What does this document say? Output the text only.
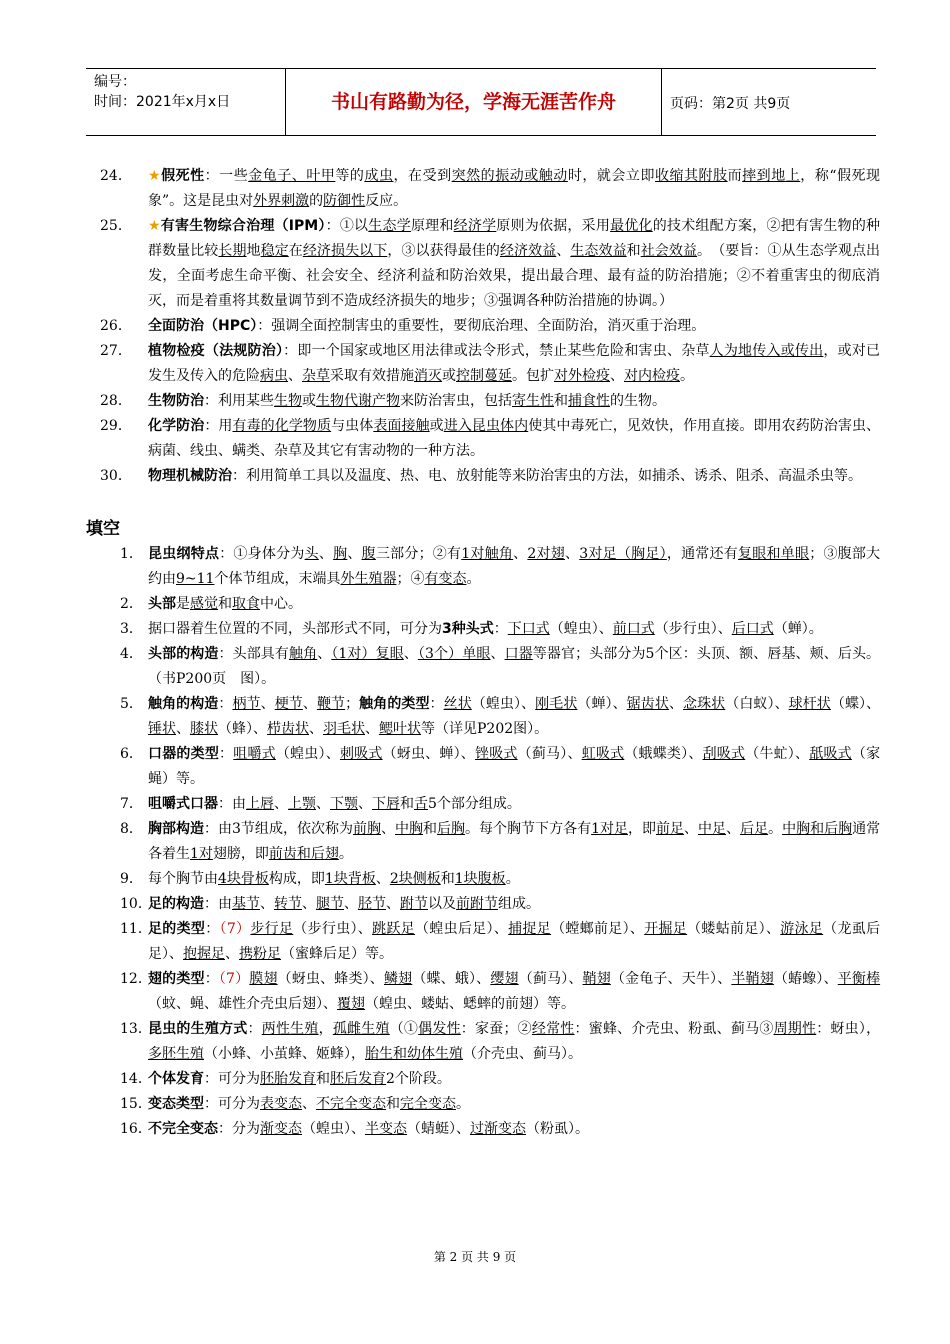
编号：
时间：2021年x月x日	书山有路勤为径，学海无涯苦作舟	页码：第2页 共9页
24．	★假死性：一些金龟子、叶甲等的成虫，在受到突然的振动或触动时，就会立即收缩其附肢而摔到地上，称“假死现象”。这是昆虫对外界刺激的防御性反应。
25．	★有害生物综合治理（IPM）：①以生态学原理和经济学原则为依据，采用最优化的技术组配方案，②把有害生物的种群数量比较长期地稳定在经济损失以下，③以获得最佳的经济效益、生态效益和社会效益。　（要旨：①从生态学观点出发，全面考虑生命平衡、社会安全、经济利益和防治效果，提出最合理、最有益的防治措施；②不着重害虫的彻底消灭，而是着重将其数量调节到不造成经济损失的地步；③强调各种防治措施的协调。）
26．	全面防治（HPC）：强调全面控制害虫的重要性，要彻底治理、全面防治，消灭重于治理。
27．	植物检疫（法规防治）：即一个国家或地区用法律或法令形式，禁止某些危险和害虫、杂草人为地传入或传出，或对已发生及传入的危险病虫、杂草采取有效措施消灭或控制蔓延。包扩对外检疫、对内检疫。
28．	生物防治：利用某些生物或生物代谢产物来防治害虫，包括寄生性和捕食性的生物。
29．	化学防治：用有毒的化学物质与虫体表面接触或进入昆虫体内使其中毒死亡，见效快，作用直接。即用农药防治害虫、病菌、线虫、螨类、杂草及其它有害动物的一种方法。
30．	物理机械防治：利用简单工具以及温度、热、电、放射能等来防治害虫的方法，如捕杀、诱杀、阻杀、高温杀虫等。
填空
1． 昆虫纲特点：①身体分为头、胸、腹三部分；②有1对触角、2对翅、3对足（胸足），通常还有复眼和单眼；③腹部大约由9~11个体节组成，末端具外生殖器；④有变态。
2． 头部是感觉和取食中心。
3． 据口器着生位置的不同，头部形式不同，可分为3种头式：下口式（蝗虫）、前口式（步行虫）、后口式（蝉）。
4． 头部的构造：头部具有触角、（1对）复眼、（3个）单眼、口器等器官；头部分为5个区：头顶、额、唇基、颊、后头。（书P200页　图）。
5． 触角的构造：柄节、梗节、鞭节；触角的类型：丝状（蝗虫）、刚毛状（蝉）、锯齿状、念珠状（白蚁）、球杆状（蝶）、锤状、膝状（蜂）、栉齿状、羽毛状、鳃叶状等（详见P202图）。
6． 口器的类型：咀嚼式（蝗虫）、刺吸式（蚜虫、蝉）、锉吸式（蓟马）、虹吸式（蛾蝶类）、刮吸式（牛虻）、舐吸式（家蝇）等。
7． 咀嚼式口器：由上唇、上颚、下颚、下唇和舌5个部分组成。
8． 胸部构造：由3节组成，依次称为前胸、中胸和后胸。每个胸节下方各有1对足，即前足、中足、后足。中胸和后胸通常各着生1对翅膀，即前齿和后翅。
9． 每个胸节由4块骨板构成，即1块背板、2块侧板和1块腹板。
10．
足的构造：由基节、转节、腿节、胫节、跗节以及前跗节组成。
11．
足的类型：（7）步行足（步行虫）、跳跃足（蝗虫后足）、捕捉足（螳螂前足）、开掘足（蝼蛄前足）、游泳足（龙虱后足）、抱握足、携粉足（蜜蜂后足）等。
12．
翅的类型：（7）膜翅（蚜虫、蜂类）、鳞翅（蝶、蛾）、缨翅（蓟马）、鞘翅（金龟子、天牛）、半鞘翅（蝽蟓）、平衡棒（蚊、蝇、雄性介壳虫后翅）、覆翅（蝗虫、蝼蛄、蟋蟀的前翅）等。
13．
昆虫的生殖方式：两性生殖，孤雌生殖（①偶发性：家蚕；②经常性：蜜蜂、介壳虫、粉虱、蓟马③周期性：蚜虫），多胚生殖（小蜂、小茧蜂、姬蜂），胎生和幼体生殖（介壳虫、蓟马）。
14．
个体发育：可分为胚胎发育和胚后发育2个阶段。
15．
变态类型：可分为表变态、不完全变态和完全变态。
16．
不完全变态：分为渐变态（蝗虫）、半变态（蜻蜓）、过渐变态（粉虱）。
第 2 页 共 9 页
